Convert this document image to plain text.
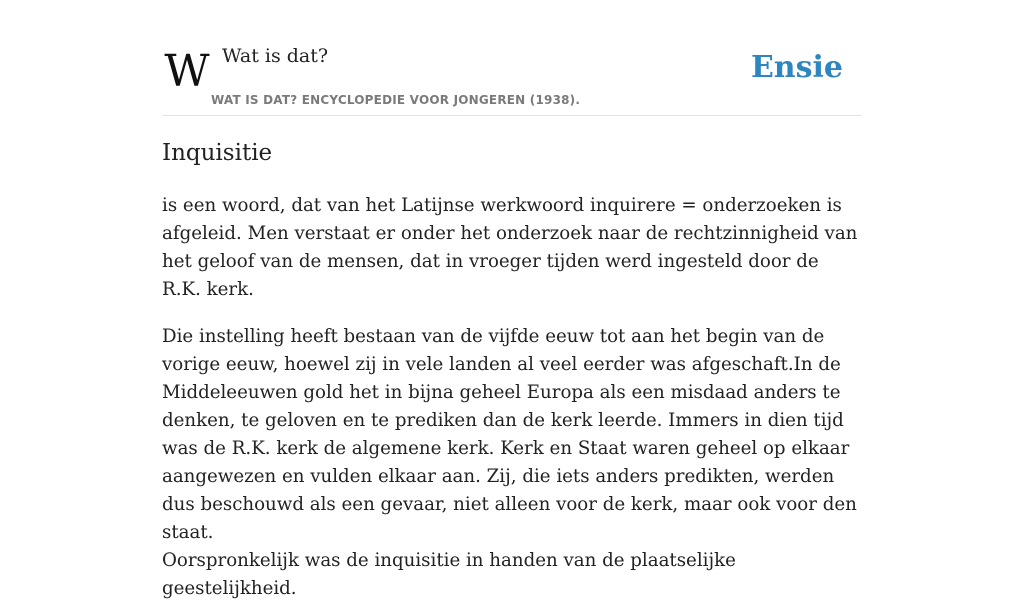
W Wat is dat?
WAT IS DAT? ENCYCLOPEDIE VOOR JONGEREN (1938).
Ensie
Inquisitie

is een woord, dat van het Latijnse werkwoord inquirere = onderzoeken is afgeleid. Men verstaat er onder het onderzoek naar de rechtzinnigheid van het geloof van de mensen, dat in vroeger tijden werd ingesteld door de R.K. kerk.

Die instelling heeft bestaan van de vijfde eeuw tot aan het begin van de vorige eeuw, hoewel zij in vele landen al veel eerder was afgeschaft.In de Middeleeuwen gold het in bijna geheel Europa als een misdaad anders te denken, te geloven en te prediken dan de kerk leerde. Immers in dien tijd was de R.K. kerk de algemene kerk. Kerk en Staat waren geheel op elkaar aangewezen en vulden elkaar aan. Zij, die iets anders predikten, werden dus beschouwd als een gevaar, niet alleen voor de kerk, maar ook voor den staat.

Oorspronkelijk was de inquisitie in handen van de plaatselijke geestelijkheid.
